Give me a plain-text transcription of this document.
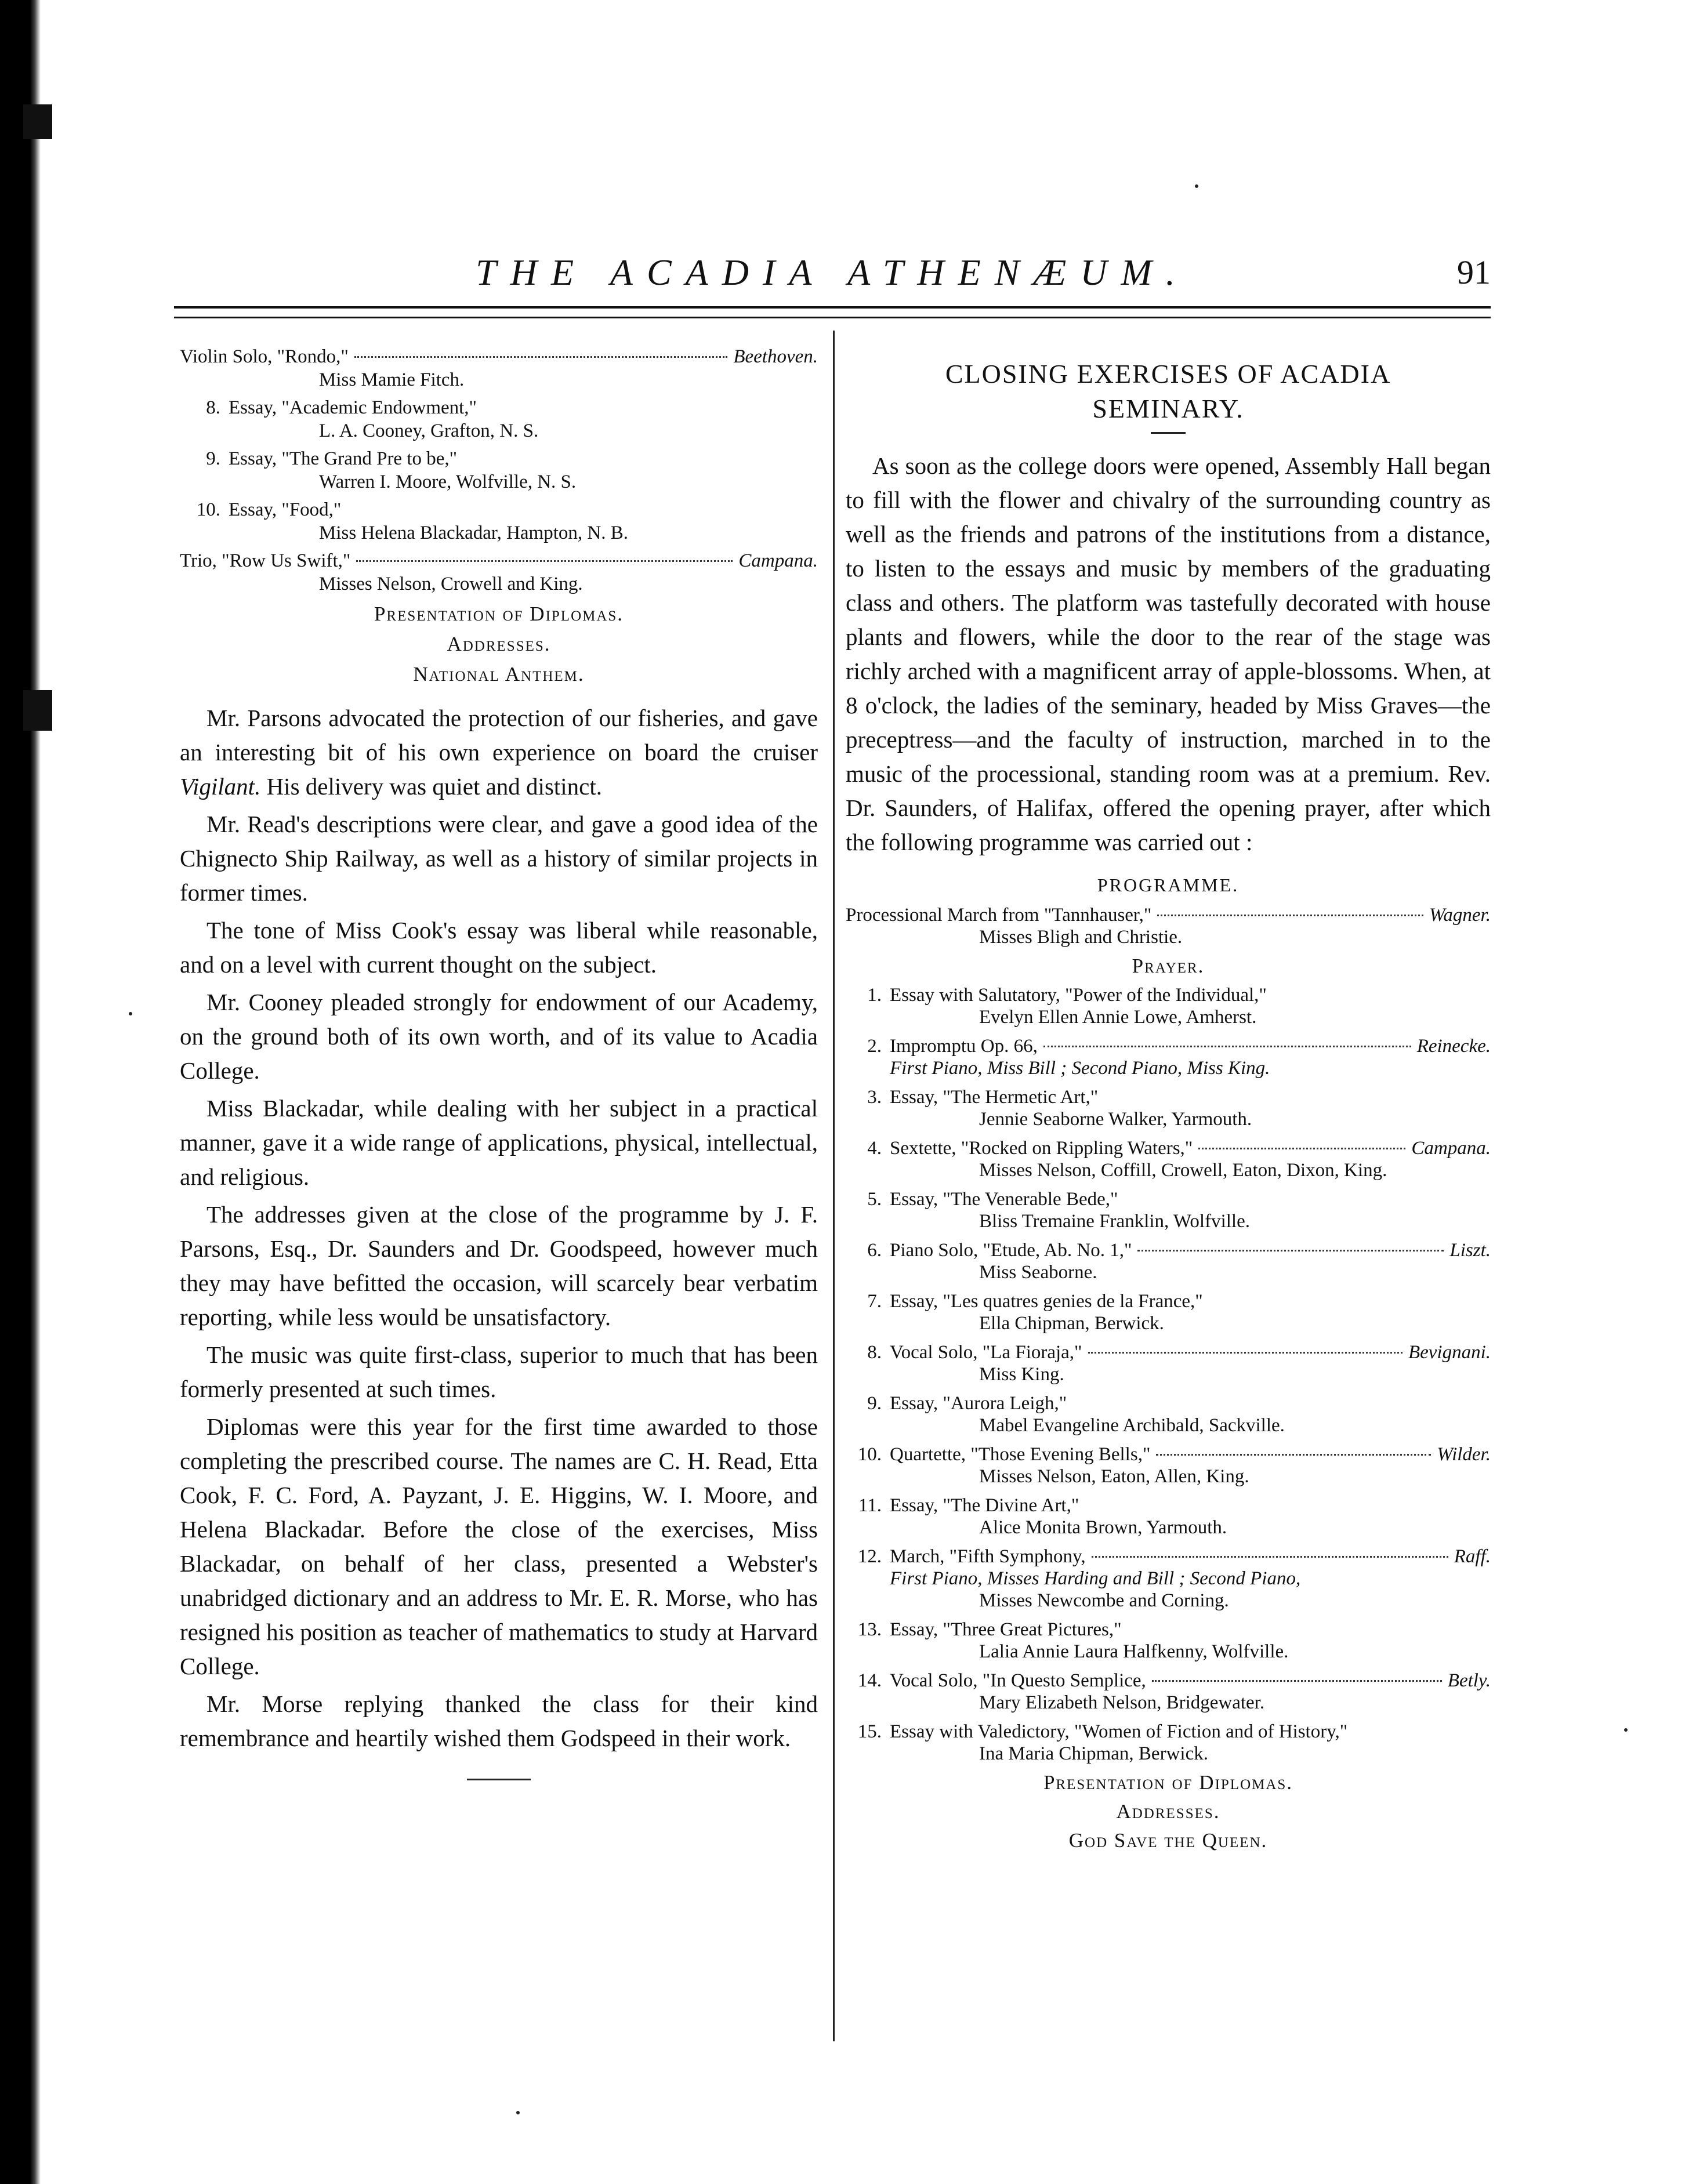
THE ACADIA ATHENÆUM.	91
Violin Solo, "Rondo,"	Beethoven.
Miss Mamie Fitch.
8. Essay, "Academic Endowment,"
L. A. Cooney, Grafton, N. S.
9. Essay, "The Grand Pre to be,"
Warren I. Moore, Wolfville, N. S.
10. Essay, "Food,"
Miss Helena Blackadar, Hampton, N. B.
Trio, "Row Us Swift,"	Campana.
Misses Nelson, Crowell and King.
Presentation of Diplomas.
Addresses.
National Anthem.

Mr. Parsons advocated the protection of our fisheries, and gave an interesting bit of his own experience on board the cruiser Vigilant. His delivery was quiet and distinct.

Mr. Read's descriptions were clear, and gave a good idea of the Chignecto Ship Railway, as well as a history of similar projects in former times.

The tone of Miss Cook's essay was liberal while reasonable, and on a level with current thought on the subject.

Mr. Cooney pleaded strongly for endowment of our Academy, on the ground both of its own worth, and of its value to Acadia College.

Miss Blackadar, while dealing with her subject in a practical manner, gave it a wide range of applications, physical, intellectual, and religious.

The addresses given at the close of the programme by J. F. Parsons, Esq., Dr. Saunders and Dr. Goodspeed, however much they may have befitted the occasion, will scarcely bear verbatim reporting, while less would be unsatisfactory.

The music was quite first-class, superior to much that has been formerly presented at such times.

Diplomas were this year for the first time awarded to those completing the prescribed course. The names are C. H. Read, Etta Cook, F. C. Ford, A. Payzant, J. E. Higgins, W. I. Moore, and Helena Blackadar. Before the close of the exercises, Miss Blackadar, on behalf of her class, presented a Webster's unabridged dictionary and an address to Mr. E. R. Morse, who has resigned his position as teacher of mathematics to study at Harvard College.

Mr. Morse replying thanked the class for their kind remembrance and heartily wished them Godspeed in their work.

CLOSING EXERCISES OF ACADIA
SEMINARY.

As soon as the college doors were opened, Assembly Hall began to fill with the flower and chivalry of the surrounding country as well as the friends and patrons of the institutions from a distance, to listen to the essays and music by members of the graduating class and others. The platform was tastefully decorated with house plants and flowers, while the door to the rear of the stage was richly arched with a magnificent array of apple-blossoms. When, at 8 o'clock, the ladies of the seminary, headed by Miss Graves—the preceptress—and the faculty of instruction, marched in to the music of the processional, standing room was at a premium. Rev. Dr. Saunders, of Halifax, offered the opening prayer, after which the following programme was carried out :

PROGRAMME.
Processional March from "Tannhauser,"	Wagner.
Misses Bligh and Christie.
Prayer.
1. Essay with Salutatory, "Power of the Individual,"
Evelyn Ellen Annie Lowe, Amherst.
2. Impromptu Op. 66,	Reinecke.
First Piano, Miss Bill ; Second Piano, Miss King.
3. Essay, "The Hermetic Art,"
Jennie Seaborne Walker, Yarmouth.
4. Sextette, "Rocked on Rippling Waters,"	Campana.
Misses Nelson, Coffill, Crowell, Eaton, Dixon, King.
5. Essay, "The Venerable Bede,"
Bliss Tremaine Franklin, Wolfville.
6. Piano Solo, "Etude, Ab. No. 1,"	Liszt.
Miss Seaborne.
7. Essay, "Les quatres genies de la France,"
Ella Chipman, Berwick.
8. Vocal Solo, "La Fioraja,"	Bevignani.
Miss King.
9. Essay, "Aurora Leigh,"
Mabel Evangeline Archibald, Sackville.
10. Quartette, "Those Evening Bells,"	Wilder.
Misses Nelson, Eaton, Allen, King.
11. Essay, "The Divine Art,"
Alice Monita Brown, Yarmouth.
12. March, "Fifth Symphony,	Raff.
First Piano, Misses Harding and Bill ; Second Piano,
Misses Newcombe and Corning.
13. Essay, "Three Great Pictures,"
Lalia Annie Laura Halfkenny, Wolfville.
14. Vocal Solo, "In Questo Semplice,	Betly.
Mary Elizabeth Nelson, Bridgewater.
15. Essay with Valedictory, "Women of Fiction and of History,"
Ina Maria Chipman, Berwick.
Presentation of Diplomas.
Addresses.
God Save the Queen.
